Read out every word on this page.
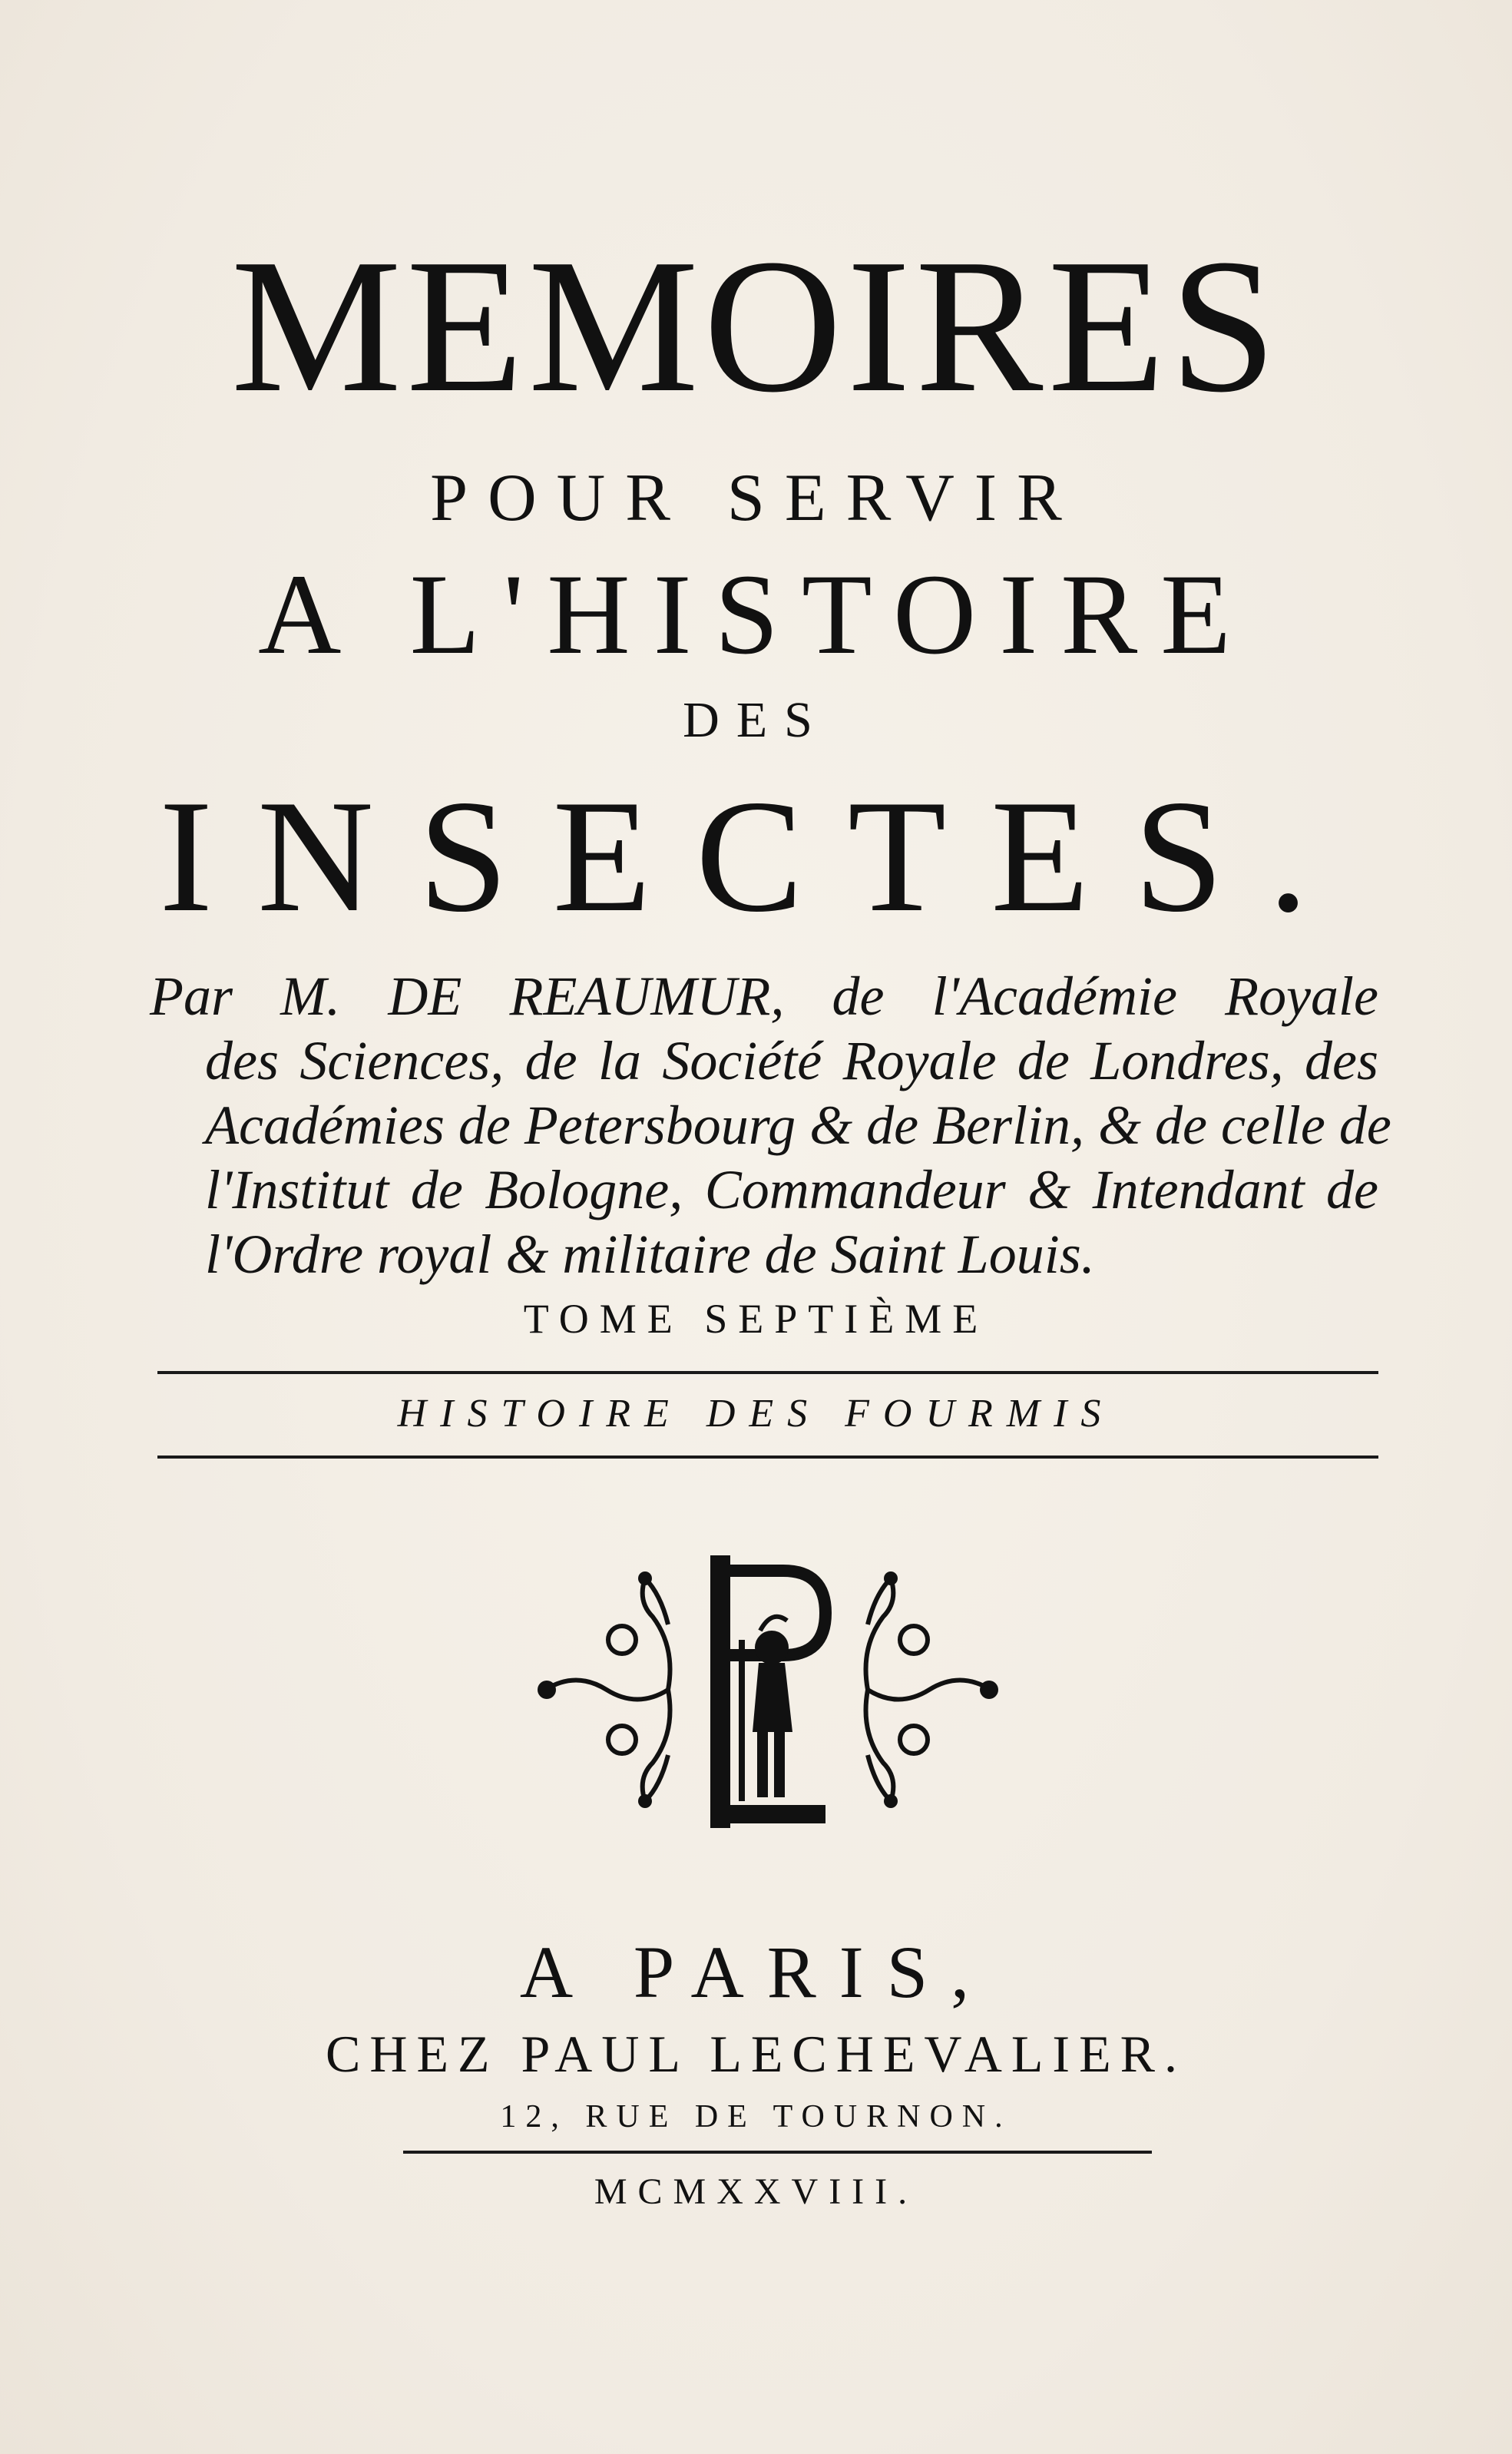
MEMOIRES
POUR SERVIR
A L'HISTOIRE
DES
INSECTES.
Par M. DE REAUMUR, de l'Académie Royale
des Sciences, de la Société Royale de Londres, des
Académies de Petersbourg & de Berlin, & de celle de
l'Institut de Bologne, Commandeur & Intendant de
l'Ordre royal & militaire de Saint Louis.
TOME SEPTIÈME
HISTOIRE DES FOURMIS
A PARIS,
CHEZ PAUL LECHEVALIER.
12, RUE DE TOURNON.
MCMXXVIII.
